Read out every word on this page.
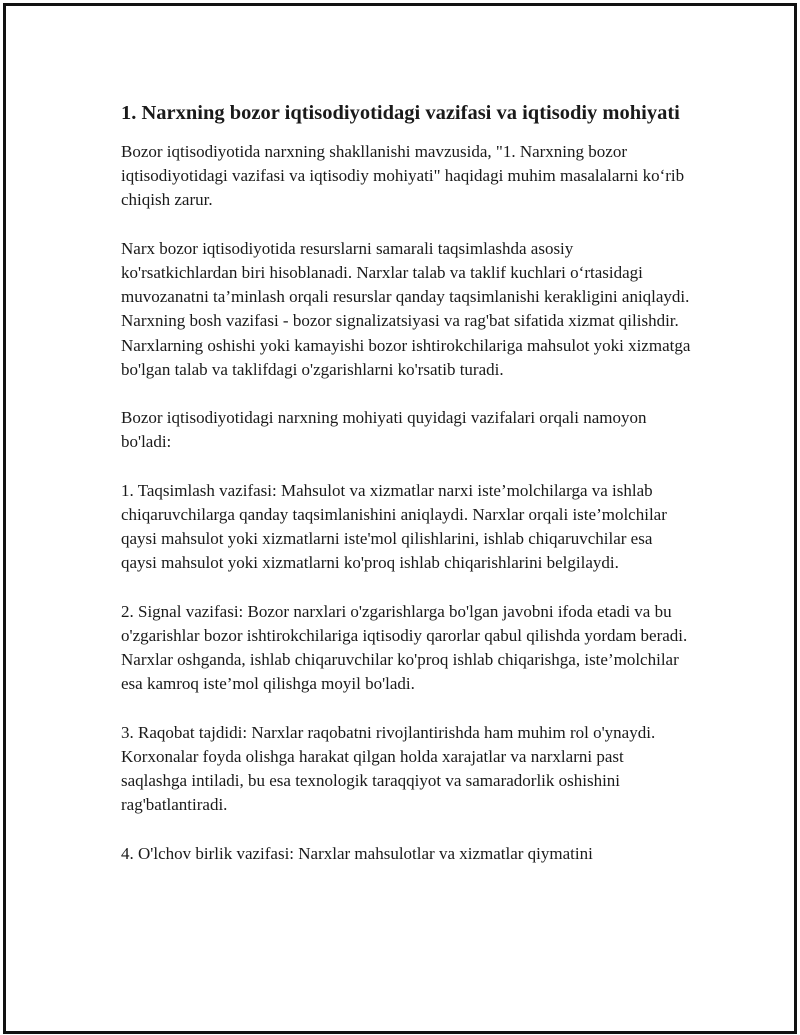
1. Narxning bozor iqtisodiyotidagi vazifasi va iqtisodiy mohiyati

Bozor iqtisodiyotida narxning shakllanishi mavzusida, "1. Narxning bozor iqtisodiyotidagi vazifasi va iqtisodiy mohiyati" haqidagi muhim masalalarni ko‘rib chiqish zarur.

Narx bozor iqtisodiyotida resurslarni samarali taqsimlashda asosiy ko'rsatkichlardan biri hisoblanadi. Narxlar talab va taklif kuchlari o‘rtasidagi muvozanatni ta’minlash orqali resurslar qanday taqsimlanishi kerakligini aniqlaydi. Narxning bosh vazifasi - bozor signalizatsiyasi va rag'bat sifatida xizmat qilishdir. Narxlarning oshishi yoki kamayishi bozor ishtirokchilariga mahsulot yoki xizmatga bo'lgan talab va taklifdagi o'zgarishlarni ko'rsatib turadi.

Bozor iqtisodiyotidagi narxning mohiyati quyidagi vazifalari orqali namoyon bo'ladi:

1. Taqsimlash vazifasi: Mahsulot va xizmatlar narxi iste’molchilarga va ishlab chiqaruvchilarga qanday taqsimlanishini aniqlaydi. Narxlar orqali iste’molchilar qaysi mahsulot yoki xizmatlarni iste'mol qilishlarini, ishlab chiqaruvchilar esa qaysi mahsulot yoki xizmatlarni ko'proq ishlab chiqarishlarini belgilaydi.

2. Signal vazifasi: Bozor narxlari o'zgarishlarga bo'lgan javobni ifoda etadi va bu o'zgarishlar bozor ishtirokchilariga iqtisodiy qarorlar qabul qilishda yordam beradi. Narxlar oshganda, ishlab chiqaruvchilar ko'proq ishlab chiqarishga, iste’molchilar esa kamroq iste’mol qilishga moyil bo'ladi.

3. Raqobat tajdidi: Narxlar raqobatni rivojlantirishda ham muhim rol o'ynaydi. Korxonalar foyda olishga harakat qilgan holda xarajatlar va narxlarni past saqlashga intiladi, bu esa texnologik taraqqiyot va samaradorlik oshishini rag'batlantiradi.

4. O'lchov birlik vazifasi: Narxlar mahsulotlar va xizmatlar qiymatini
